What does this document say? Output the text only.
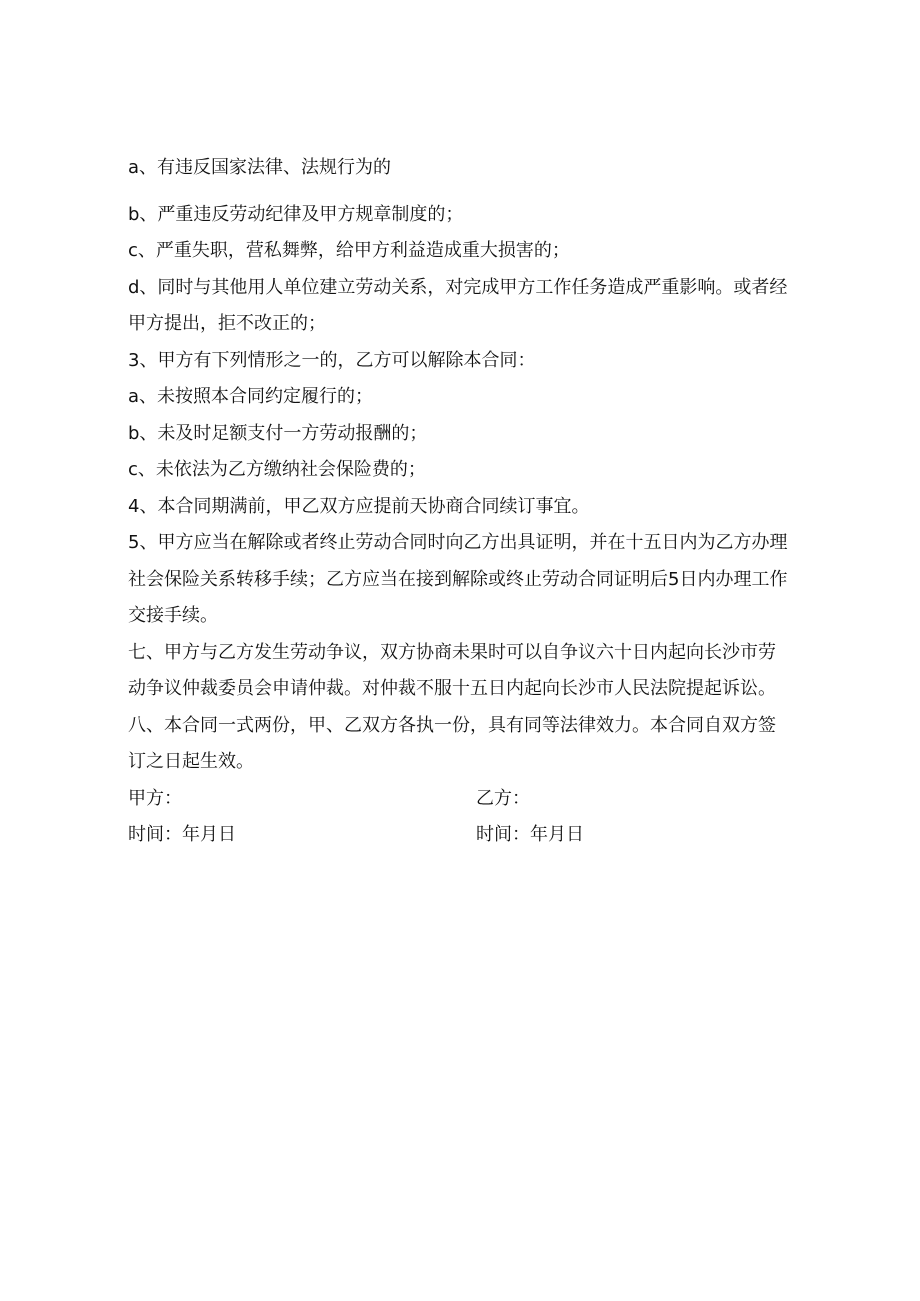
a、有违反国家法律、法规行为的

b、严重违反劳动纪律及甲方规章制度的；

c、严重失职，营私舞弊，给甲方利益造成重大损害的；

d、同时与其他用人单位建立劳动关系，对完成甲方工作任务造成严重影响。或者经甲方提出，拒不改正的；

3、甲方有下列情形之一的，乙方可以解除本合同：

a、未按照本合同约定履行的；

b、未及时足额支付一方劳动报酬的；

c、未依法为乙方缴纳社会保险费的；

4、本合同期满前，甲乙双方应提前天协商合同续订事宜。

5、甲方应当在解除或者终止劳动合同时向乙方出具证明，并在十五日内为乙方办理社会保险关系转移手续；乙方应当在接到解除或终止劳动合同证明后5日内办理工作交接手续。

七、甲方与乙方发生劳动争议，双方协商未果时可以自争议六十日内起向长沙市劳动争议仲裁委员会申请仲裁。对仲裁不服十五日内起向长沙市人民法院提起诉讼。

八、本合同一式两份，甲、乙双方各执一份，具有同等法律效力。本合同自双方签订之日起生效。

甲方：	乙方：
时间：年月日	时间：年月日
